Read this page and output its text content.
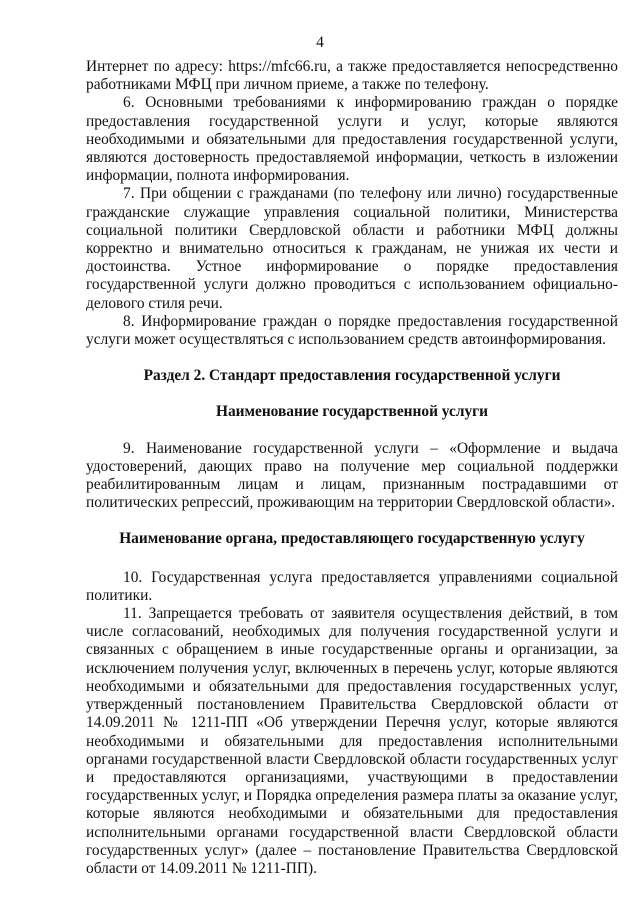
4

Интернет по адресу: https://mfc66.ru, а также предоставляется непосредственно работниками МФЦ при личном приеме, а также по телефону.

6. Основными требованиями к информированию граждан о порядке предоставления государственной услуги и услуг, которые являются необходимыми и обязательными для предоставления государственной услуги, являются достоверность предоставляемой информации, четкость в изложении информации, полнота информирования.

7. При общении с гражданами (по телефону или лично) государственные гражданские служащие управления социальной политики, Министерства социальной политики Свердловской области и работники МФЦ должны корректно и внимательно относиться к гражданам, не унижая их чести и достоинства. Устное информирование о порядке предоставления государственной услуги должно проводиться с использованием официально-делового стиля речи.

8. Информирование граждан о порядке предоставления государственной услуги может осуществляться с использованием средств автоинформирования.

Раздел 2. Стандарт предоставления государственной услуги

Наименование государственной услуги

9. Наименование государственной услуги – «Оформление и выдача удостоверений, дающих право на получение мер социальной поддержки реабилитированным лицам и лицам, признанным пострадавшими от политических репрессий, проживающим на территории Свердловской области».

Наименование органа, предоставляющего государственную услугу

10. Государственная услуга предоставляется управлениями социальной политики.

11. Запрещается требовать от заявителя осуществления действий, в том числе согласований, необходимых для получения государственной услуги и связанных с обращением в иные государственные органы и организации, за исключением получения услуг, включенных в перечень услуг, которые являются необходимыми и обязательными для предоставления государственных услуг, утвержденный постановлением Правительства Свердловской области от 14.09.2011 № 1211-ПП «Об утверждении Перечня услуг, которые являются необходимыми и обязательными для предоставления исполнительными органами государственной власти Свердловской области государственных услуг и предоставляются организациями, участвующими в предоставлении государственных услуг, и Порядка определения размера платы за оказание услуг, которые являются необходимыми и обязательными для предоставления исполнительными органами государственной власти Свердловской области государственных услуг» (далее – постановление Правительства Свердловской области от 14.09.2011 № 1211-ПП).
